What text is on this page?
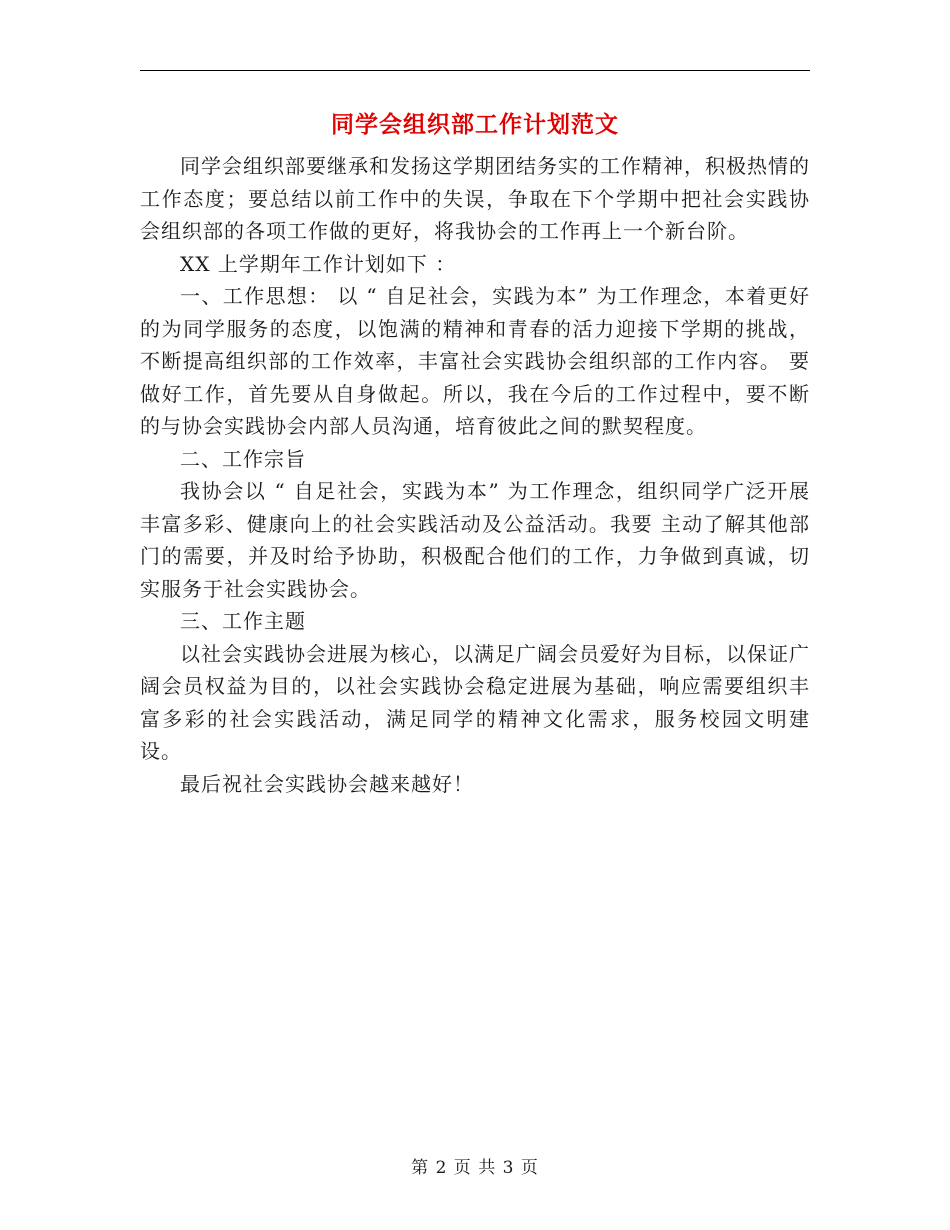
同学会组织部工作计划范文

同学会组织部要继承和发扬这学期团结务实的工作精神，积极热情的工作态度；要总结以前工作中的失误，争取在下个学期中把社会实践协会组织部的各项工作做的更好，将我协会的工作再上一个新台阶。

XX 上学期年工作计划如下 ：

一、工作思想： 以 “ 自足社会，实践为本” 为工作理念，本着更好的为同学服务的态度，以饱满的精神和青春的活力迎接下学期的挑战，不断提高组织部的工作效率，丰富社会实践协会组织部的工作内容。 要做好工作，首先要从自身做起。所以，我在今后的工作过程中，要不断的与协会实践协会内部人员沟通，培育彼此之间的默契程度。

二、工作宗旨

我协会以 “ 自足社会，实践为本” 为工作理念，组织同学广泛开展丰富多彩、健康向上的社会实践活动及公益活动。我要 主动了解其他部门的需要，并及时给予协助，积极配合他们的工作，力争做到真诚，切实服务于社会实践协会。

三、工作主题

以社会实践协会进展为核心，以满足广阔会员爱好为目标，以保证广阔会员权益为目的，以社会实践协会稳定进展为基础，响应需要组织丰富多彩的社会实践活动，满足同学的精神文化需求，服务校园文明建设。

最后祝社会实践协会越来越好！

第 2 页 共 3 页
